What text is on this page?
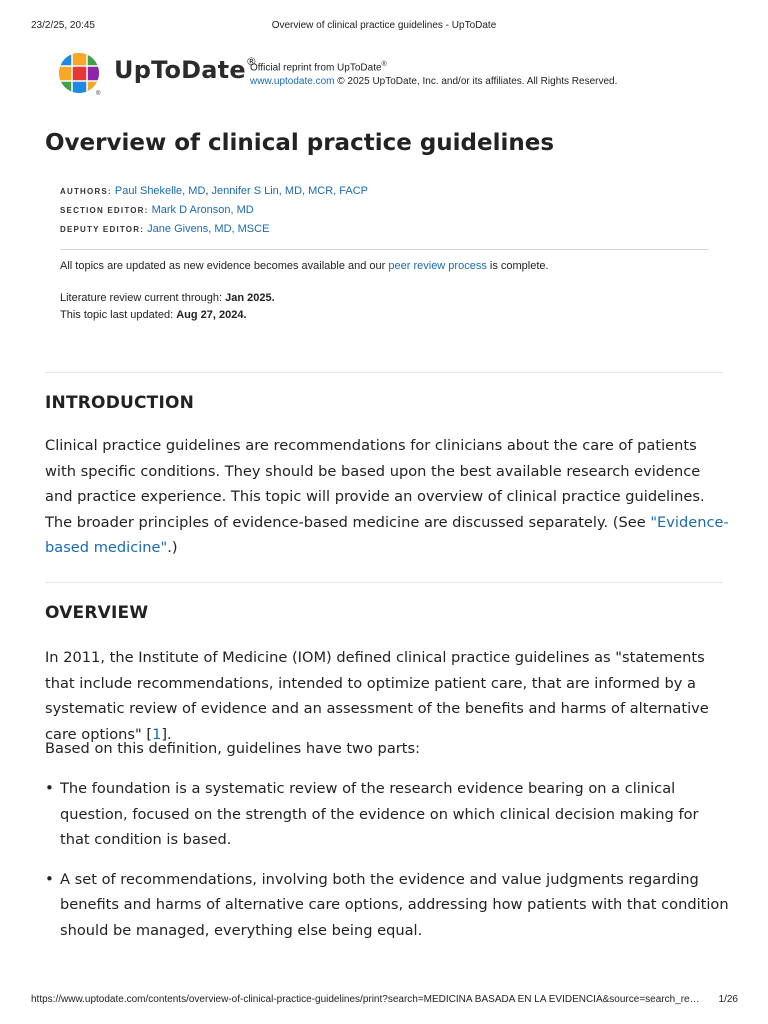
23/2/25, 20:45	Overview of clinical practice guidelines - UpToDate
®
UpToDate®
Official reprint from UpToDate®
www.uptodate.com © 2025 UpToDate, Inc. and/or its affiliates. All Rights Reserved.
Overview of clinical practice guidelines
AUTHORS: Paul Shekelle, MD, Jennifer S Lin, MD, MCR, FACP
SECTION EDITOR: Mark D Aronson, MD
DEPUTY EDITOR: Jane Givens, MD, MSCE
All topics are updated as new evidence becomes available and our peer review process is complete.
Literature review current through: Jan 2025.
This topic last updated: Aug 27, 2024.
INTRODUCTION

Clinical practice guidelines are recommendations for clinicians about the care of patients with specific conditions. They should be based upon the best available research evidence and practice experience. This topic will provide an overview of clinical practice guidelines. The broader principles of evidence-based medicine are discussed separately. (See "Evidence-based medicine".)

OVERVIEW

In 2011, the Institute of Medicine (IOM) defined clinical practice guidelines as "statements that include recommendations, intended to optimize patient care, that are informed by a systematic review of evidence and an assessment of the benefits and harms of alternative care options" [1].

Based on this definition, guidelines have two parts:

• The foundation is a systematic review of the research evidence bearing on a clinical question, focused on the strength of the evidence on which clinical decision making for that condition is based.
• A set of recommendations, involving both the evidence and value judgments regarding benefits and harms of alternative care options, addressing how patients with that condition should be managed, everything else being equal.
https://www.uptodate.com/contents/overview-of-clinical-practice-guidelines/print?search=MEDICINA BASADA EN LA EVIDENCIA&source=search_re… 1/26
